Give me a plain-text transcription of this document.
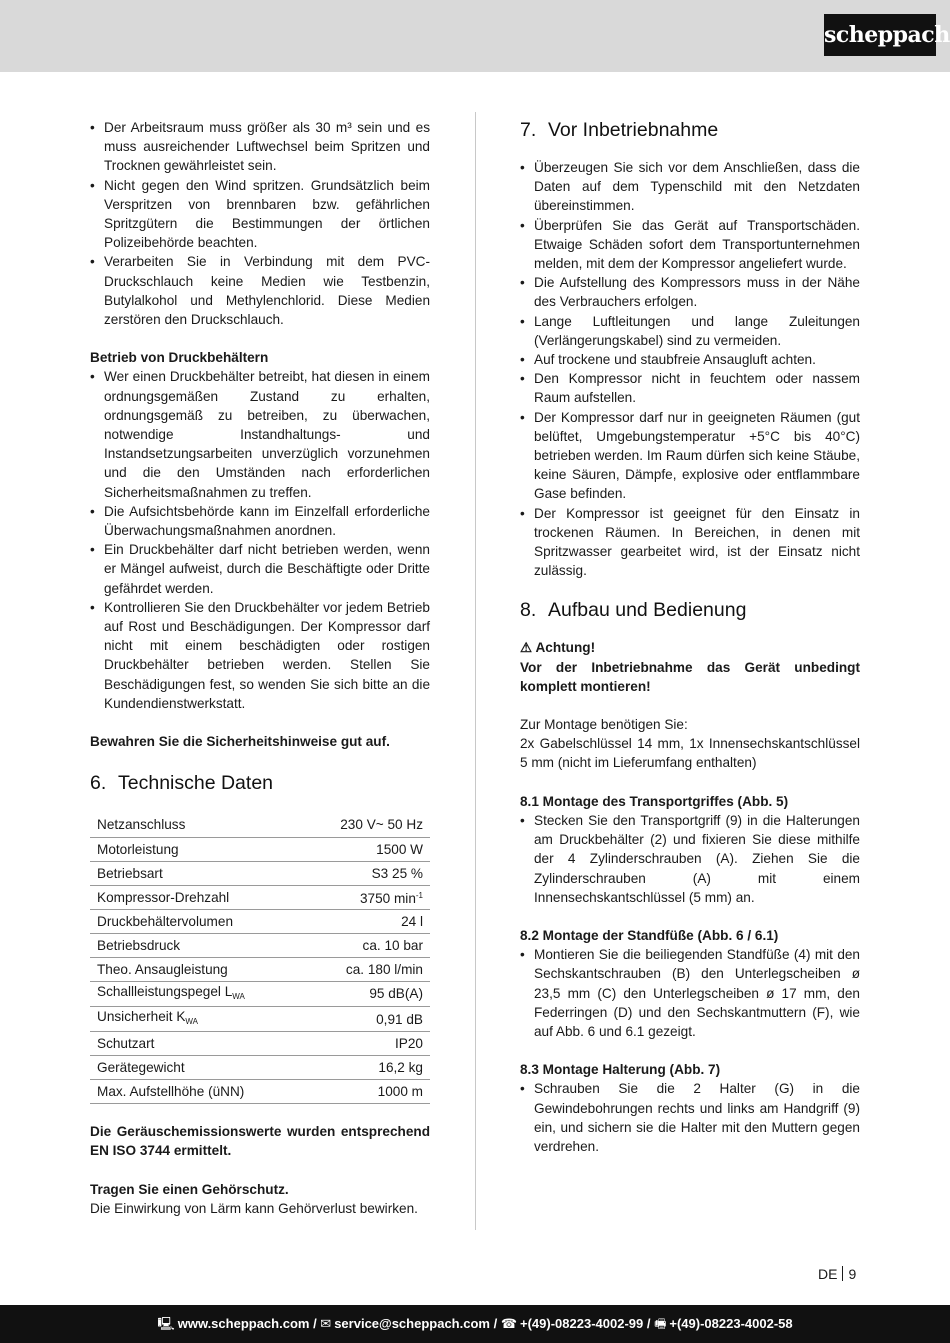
scheppach
• Der Arbeitsraum muss größer als 30 m³ sein und es muss ausreichender Luftwechsel beim Spritzen und Trocknen gewährleistet sein.
• Nicht gegen den Wind spritzen. Grundsätzlich beim Verspritzen von brennbaren bzw. gefährlichen Spritzgütern die Bestimmungen der örtlichen Polizeibehörde beachten.
• Verarbeiten Sie in Verbindung mit dem PVC-Druckschlauch keine Medien wie Testbenzin, Butylalkohol und Methylenchlorid. Diese Medien zerstören den Druckschlauch.
Betrieb von Druckbehältern
• Wer einen Druckbehälter betreibt, hat diesen in einem ordnungsgemäßen Zustand zu erhalten, ordnungsgemäß zu betreiben, zu überwachen, notwendige Instandhaltungs- und Instandsetzungsarbeiten unverzüglich vorzunehmen und die den Umständen nach erforderlichen Sicherheitsmaßnahmen zu treffen.
• Die Aufsichtsbehörde kann im Einzelfall erforderliche Überwachungsmaßnahmen anordnen.
• Ein Druckbehälter darf nicht betrieben werden, wenn er Mängel aufweist, durch die Beschäftigte oder Dritte gefährdet werden.
• Kontrollieren Sie den Druckbehälter vor jedem Betrieb auf Rost und Beschädigungen. Der Kompressor darf nicht mit einem beschädigten oder rostigen Druckbehälter betrieben werden. Stellen Sie Beschädigungen fest, so wenden Sie sich bitte an die Kundendienstwerkstatt.
Bewahren Sie die Sicherheitshinweise gut auf.
6. Technische Daten
Netzanschluss	230 V~ 50 Hz
Motorleistung	1500 W
Betriebsart	S3 25 %
Kompressor-Drehzahl	3750 $\min^{-1}$
Druckbehältervolumen	24 l
Betriebsdruck	ca. 10 bar
Theo. Ansaugleistung	ca. 180 l/min
Schallleistungspegel $L_{WA}$	95 dB(A)
Unsicherheit $K_{WA}$	0,91 dB
Schutzart	IP20
Gerätegewicht	16,2 kg
Max. Aufstellhöhe (üNN)	1000 m
Die Geräuschemissionswerte wurden entsprechend EN ISO 3744 ermittelt.
Tragen Sie einen Gehörschutz.
Die Einwirkung von Lärm kann Gehörverlust bewirken.
7. Vor Inbetriebnahme
• Überzeugen Sie sich vor dem Anschließen, dass die Daten auf dem Typenschild mit den Netzdaten übereinstimmen.
• Überprüfen Sie das Gerät auf Transportschäden. Etwaige Schäden sofort dem Transportunternehmen melden, mit dem der Kompressor angeliefert wurde.
• Die Aufstellung des Kompressors muss in der Nähe des Verbrauchers erfolgen.
• Lange Luftleitungen und lange Zuleitungen (Verlängerungskabel) sind zu vermeiden.
• Auf trockene und staubfreie Ansaugluft achten.
• Den Kompressor nicht in feuchtem oder nassem Raum aufstellen.
• Der Kompressor darf nur in geeigneten Räumen (gut belüftet, Umgebungstemperatur +5°C bis 40°C) betrieben werden. Im Raum dürfen sich keine Stäube, keine Säuren, Dämpfe, explosive oder entflammbare Gase befinden.
• Der Kompressor ist geeignet für den Einsatz in trockenen Räumen. In Bereichen, in denen mit Spritzwasser gearbeitet wird, ist der Einsatz nicht zulässig.
8. Aufbau und Bedienung
⚠ Achtung!
Vor der Inbetriebnahme das Gerät unbedingt komplett montieren!
Zur Montage benötigen Sie:
2x Gabelschlüssel 14 mm, 1x Innensechskantschlüssel 5 mm (nicht im Lieferumfang enthalten)
8.1 Montage des Transportgriffes (Abb. 5)
• Stecken Sie den Transportgriff (9) in die Halterungen am Druckbehälter (2) und fixieren Sie diese mithilfe der 4 Zylinderschrauben (A). Ziehen Sie die Zylinderschrauben (A) mit einem Innensechskantschlüssel (5 mm) an.
8.2 Montage der Standfüße (Abb. 6 / 6.1)
• Montieren Sie die beiliegenden Standfüße (4) mit den Sechskantschrauben (B) den Unterlegscheiben ø 23,5 mm (C) den Unterlegscheiben ø 17 mm, den Federringen (D) und den Sechskantmuttern (F), wie auf Abb. 6 und 6.1 gezeigt.
8.3 Montage Halterung (Abb. 7)
• Schrauben Sie die 2 Halter (G) in die Gewindebohrungen rechts und links am Handgriff (9) ein, und sichern sie die Halter mit den Muttern gegen verdrehen.
DE 9
🖳 www.scheppach.com / ✉ service@scheppach.com / ☎ +(49)-08223-4002-99 / 🖷 +(49)-08223-4002-58
